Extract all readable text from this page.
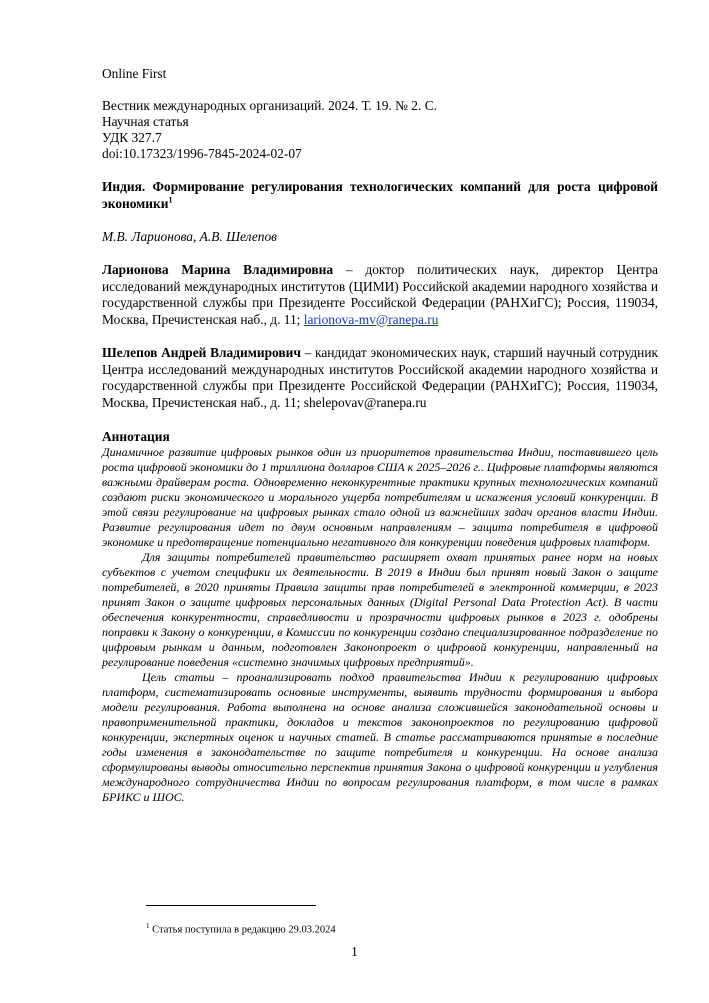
Online First
Вестник международных организаций. 2024. Т. 19. № 2. С.
Научная статья
УДК 327.7
doi:10.17323/1996-7845-2024-02-07
Индия. Формирование регулирования технологических компаний для роста цифровой экономики$^1$
М.В. Ларионова, А.В. Шелепов
Ларионова Марина Владимировна – доктор политических наук, директор Центра исследований международных институтов (ЦИМИ) Российской академии народного хозяйства и государственной службы при Президенте Российской Федерации (РАНХиГС); Россия, 119034, Москва, Пречистенская наб., д. 11; larionova-mv@ranepa.ru
Шелепов Андрей Владимирович – кандидат экономических наук, старший научный сотрудник Центра исследований международных институтов Российской академии народного хозяйства и государственной службы при Президенте Российской Федерации (РАНХиГС); Россия, 119034, Москва, Пречистенская наб., д. 11; shelepovav@ranepa.ru
Аннотация

Динамичное развитие цифровых рынков один из приоритетов правительства Индии, поставившего цель роста цифровой экономики до 1 триллиона долларов США к 2025–2026 г.. Цифровые платформы являются важными драйверам роста. Одновременно неконкурентные практики крупных технологических компаний создают риски экономического и морального ущерба потребителям и искажения условий конкуренции. В этой связи регулирование на цифровых рынках стало одной из важнейших задач органов власти Индии. Развитие регулирования идет по двум основным направлениям – защита потребителя в цифровой экономике и предотвращение потенциально негативного для конкуренции поведения цифровых платформ.

Для защиты потребителей правительство расширяет охват принятых ранее норм на новых субъектов с учетом специфики их деятельности. В 2019 в Индии был принят новый Закон о защите потребителей, в 2020 приняты Правила защиты прав потребителей в электронной коммерции, в 2023 принят Закон о защите цифровых персональных данных (Digital Personal Data Protection Act). В части обеспечения конкурентности, справедливости и прозрачности цифровых рынков в 2023 г. одобрены поправки к Закону о конкуренции, в Комиссии по конкуренции создано специализированное подразделение по цифровым рынкам и данным, подготовлен Законопроект о цифровой конкуренции, направленный на регулирование поведения «системно значимых цифровых предприятий».

Цель статьи – проанализировать подход правительства Индии к регулированию цифровых платформ, систематизировать основные инструменты, выявить трудности формирования и выбора модели регулирования. Работа выполнена на основе анализа сложившейся законодательной основы и правоприменительной практики, докладов и текстов законопроектов по регулированию цифровой конкуренции, экспертных оценок и научных статей. В статье рассматриваются принятые в последние годы изменения в законодательстве по защите потребителя и конкуренции. На основе анализа сформулированы выводы относительно перспектив принятия Закона о цифровой конкуренции и углубления международного сотрудничества Индии по вопросам регулирования платформ, в том числе в рамках БРИКС и ШОС.

$^1$ Статья поступила в редакцию 29.03.2024
1
